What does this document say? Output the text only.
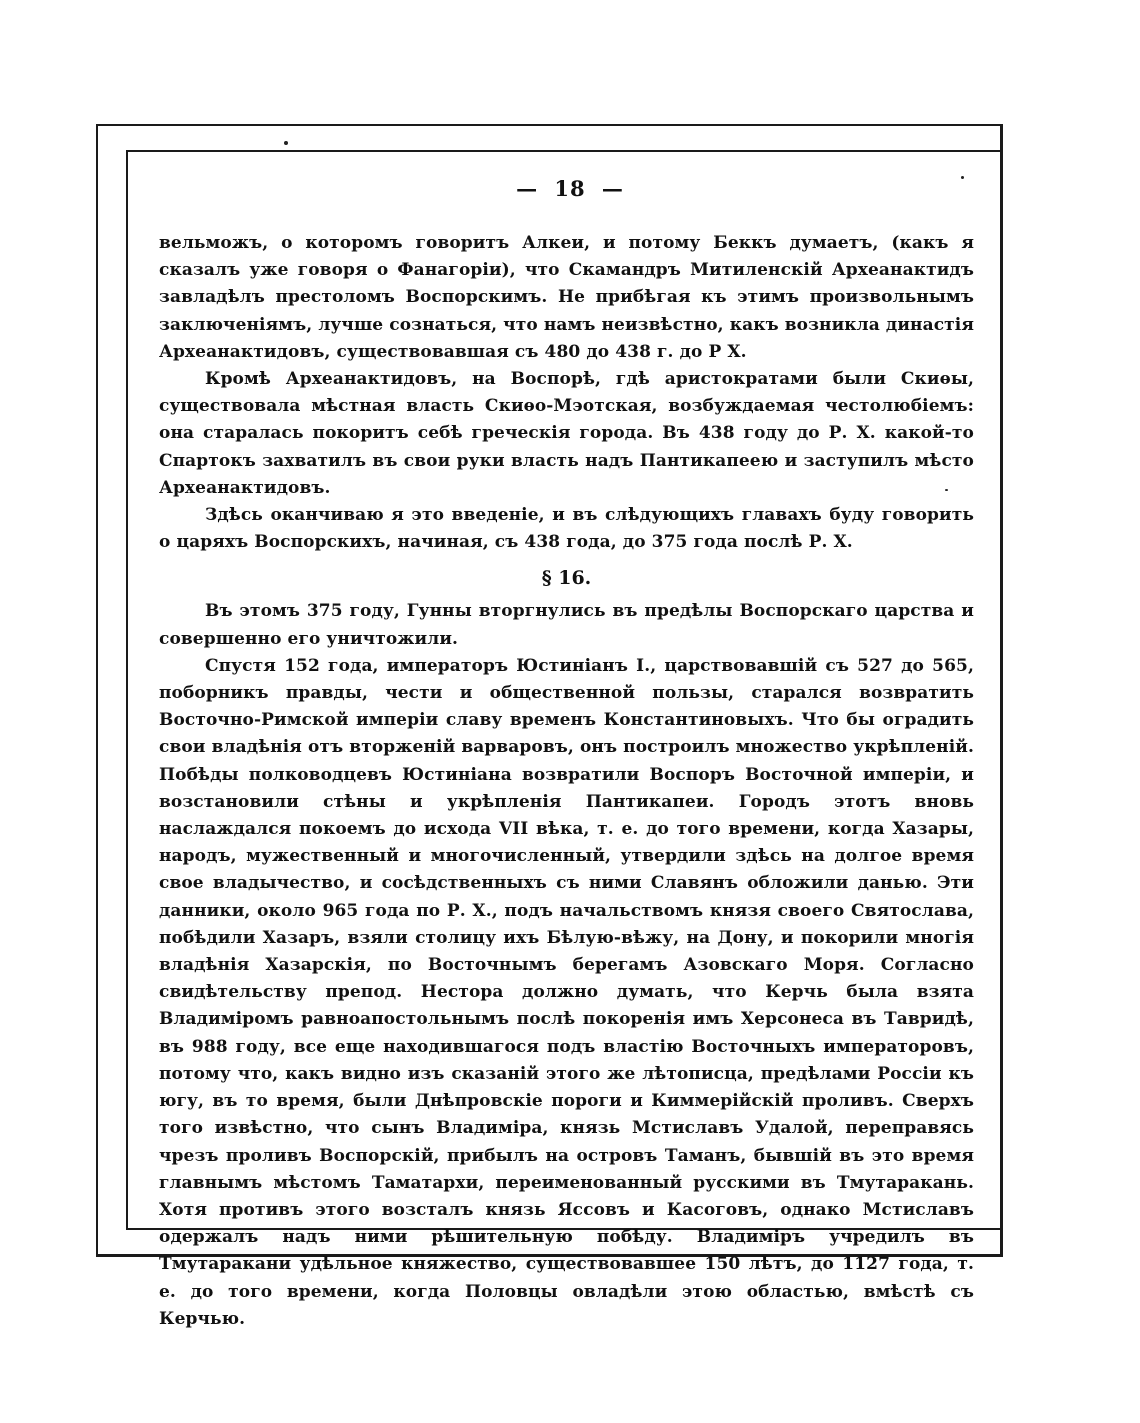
— 18 —

вельможъ, о которомъ говоритъ Алкеи, и потому Беккъ думаетъ, (какъ я сказалъ уже говоря о Фанагоріи), что Скамандръ Митиленскій Археанактидъ завладѣлъ престоломъ Воспорскимъ. Не прибѣгая къ этимъ произвольнымъ заключеніямъ, лучше сознаться, что намъ неизвѣстно, какъ возникла династія Археанактидовъ, существовавшая съ 480 до 438 г. до Р Х.

Кромѣ Археанактидовъ, на Воспорѣ, гдѣ аристократами были Скиѳы, существовала мѣстная власть Скиѳо-Мэотская, возбуждаемая честолюбіемъ: она старалась покоритъ себѣ греческія города. Въ 438 году до Р. Х. какой-то Спартокъ захватилъ въ свои руки власть надъ Пантикапеею и заступилъ мѣсто Археанактидовъ.

Здѣсь оканчиваю я это введеніе, и въ слѣдующихъ главахъ буду говорить о царяхъ Воспорскихъ, начиная, съ 438 года, до 375 года послѣ Р. Х.

§ 16.

Въ этомъ 375 году, Гунны вторгнулись въ предѣлы Воспорскаго царства и совершенно его уничтожили.

Спустя 152 года, императоръ Юстиніанъ I., царствовавшій съ 527 до 565, поборникъ правды, чести и общественной пользы, старался возвратить Восточно-Римской имперіи славу временъ Константиновыхъ. Что бы оградить свои владѣнія отъ вторженій варваровъ, онъ построилъ множество укрѣпленій. Побѣды полководцевъ Юстиніана возвратили Воспоръ Восточной имперіи, и возстановили стѣны и укрѣпленія Пантикапеи. Городъ этотъ вновь наслаждался покоемъ до исхода VII вѣка, т. е. до того времени, когда Хазары, народъ, мужественный и многочисленный, утвердили здѣсь на долгое время свое владычество, и сосѣдственныхъ съ ними Славянъ обложили данью. Эти данники, около 965 года по Р. Х., подъ начальствомъ князя своего Святослава, побѣдили Хазаръ, взяли столицу ихъ Бѣлую-вѣжу, на Дону, и покорили многія владѣнія Хазарскія, по Восточнымъ берегамъ Азовскаго Моря. Согласно свидѣтельству препод. Нестора должно думать, что Керчь была взята Владиміромъ равноапостольнымъ послѣ покоренія имъ Херсонеса въ Тавридѣ, въ 988 году, все еще находившагося подъ властію Восточныхъ императоровъ, потому что, какъ видно изъ сказаній этого же лѣтописца, предѣлами Россіи къ югу, въ то время, были Днѣпровскіе пороги и Киммерійскій проливъ. Сверхъ того извѣстно, что сынъ Владиміра, князь Мстиславъ Удалой, переправясь чрезъ проливъ Воспорскій, прибылъ на островъ Таманъ, бывшій въ это время главнымъ мѣстомъ Таматархи, переименованный русскими въ Тмутаракань. Хотя противъ этого возсталъ князь Яссовъ и Касоговъ, однако Мстиславъ одержалъ надъ ними рѣшительную побѣду. Владиміръ учредилъ въ Тмутаракани удѣльное княжество, существовавшее 150 лѣтъ, до 1127 года, т. е. до того времени, когда Половцы овладѣли этою областью, вмѣстѣ съ Керчью.
